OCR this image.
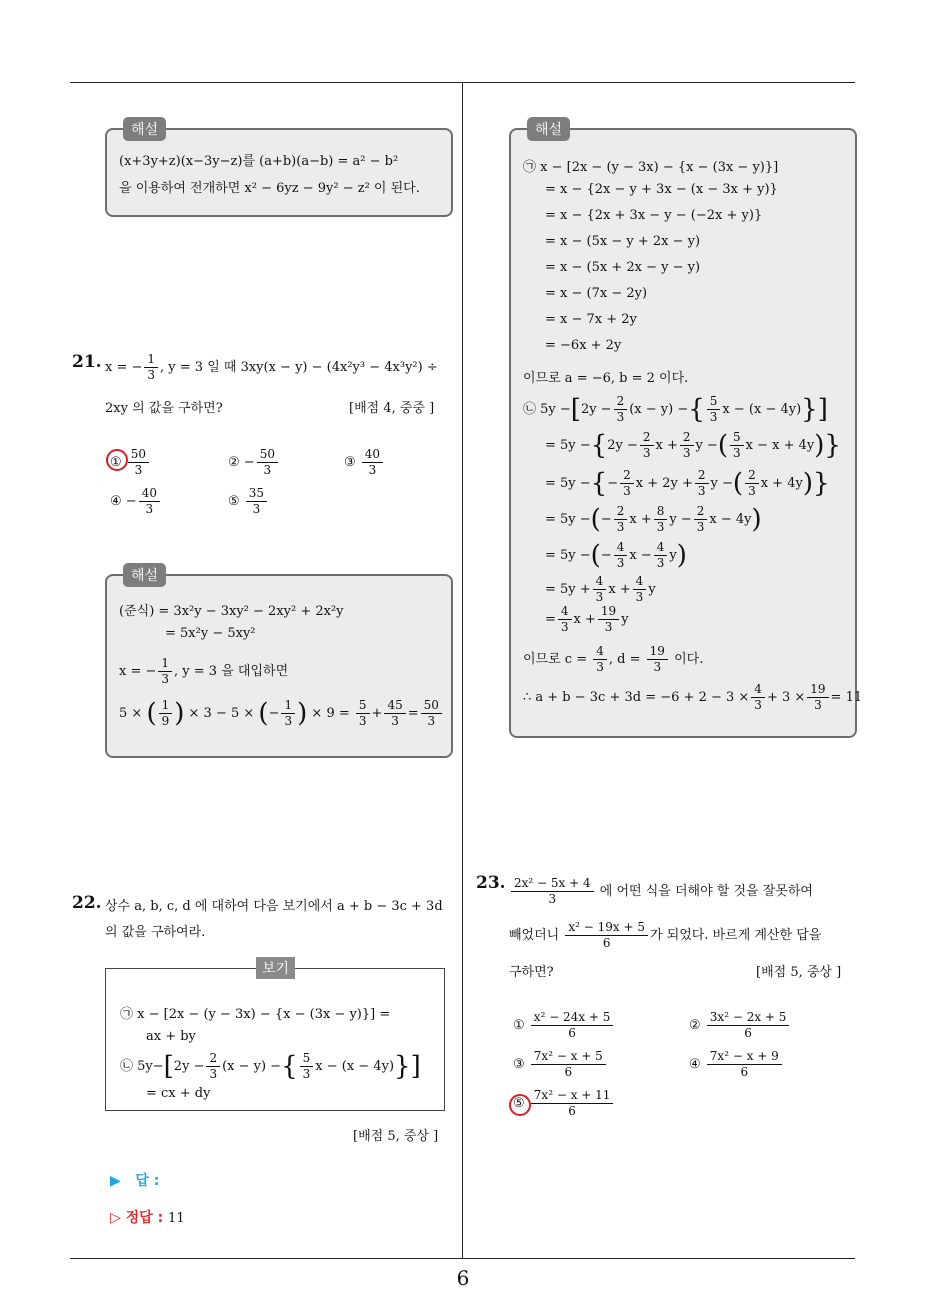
6
해설
(x+3y+z)(x−3y−z)를 (a+b)(a−b) = a² − b²
을 이용하여 전개하면 x² − 6yz − 9y² − z² 이 된다.
21. x = − $\frac{1}{3}$ , y = 3 일 때 3xy(x − y) − (4x²y³ − 4x³y²) ÷
2xy 의 값을 구하면?	[배점 4, 중중 ]
① $\frac{50}{3}$	② − $\frac{50}{3}$	③ $\frac{40}{3}$
④ − $\frac{40}{3}$	⑤ $\frac{35}{3}$
해설
(준식) = 3x²y − 3xy² − 2xy² + 2x²y
= 5x²y − 5xy²
x = − $\frac{1}{3}$ , y = 3 을 대입하면
5 × ( $\frac{1}{9}$ ) × 3 − 5 × (− $\frac{1}{3}$ ) × $9 = \frac{5}{3} + \frac{45}{3} = \frac{50}{3}$
22. 상수 a, b, c, d 에 대하여 다음 보기에서 a + b − 3c + 3d
의 값을 구하여라.
보기
㉠ x − [2x − (y − 3x) − {x − (3x − y)}] =
ax + by
㉡ $5y-[2y - \frac{2}{3} (x - y)$ −{ $\frac{5}{3}$ x − (x − 4y)}]
= cx + dy
[배점 5, 중상 ]
▶   답 :
▷ 정답 : 11
해설
㉠ x − [2x − (y − 3x) − {x − (3x − y)}]
= x − {2x − y + 3x − (x − 3x + y)}
= x − {2x + 3x − y − (−2x + y)}
= x − (5x − y + 2x − y)
= x − (5x + 2x − y − y)
= x − (7x − 2y)
= x − 7x + 2y
= −6x + 2y
이므로 a = −6, b = 2 이다.
㉡ $5y -[2y - \frac{2}{3} (x - y)$ −{ $\frac{5}{3}$ x − (x − 4y)}]
= $5y -\{2y - \frac{2}{3}$ $x + \frac{2}{3}$ y −( $\frac{5}{3}$ x − x + 4y)}
= 5y −{− $\frac{2}{3}$ $x + 2y + \frac{2}{3}$ y −( $\frac{2}{3}$ x + 4y)}
= 5y −(− $\frac{2}{3}$ $x + \frac{8}{3}$ $y - \frac{2}{3}$ x − 4y)
= 5y −(− $\frac{4}{3}$ $x - \frac{4}{3} y$)
= $5y + \frac{4}{3}$ $x + \frac{4}{3}$ y
= $\frac{4}{3}$ $x + \frac{19}{3}$ y
이므로 $c = \frac{4}{3}$ , $d = \frac{19}{3}$ 이다.
∴ $a + b - 3c + 3d = -6 + 2 - 3 \times \frac{4}{3} + 3 \times \frac{19}{3} = 11$
23. $\frac{\text{2x² − 5x + 4}}{3}$ 에 어떤 식을 더해야 할 것을 잘못하여
빼었더니 $\frac{\text{x² − 19x + 5}}{6}$ 가 되었다. 바르게 계산한 답을
구하면?	[배점 5, 중상 ]
① $\frac{\text{x² − 24x + 5}}{6}$	② $\frac{\text{3x² − 2x + 5}}{6}$
③ $\frac{\text{7x² − x + 5}}{6}$	④ $\frac{\text{7x² − x + 9}}{6}$
⑤ $\frac{\text{7x² − x + 11}}{6}$
